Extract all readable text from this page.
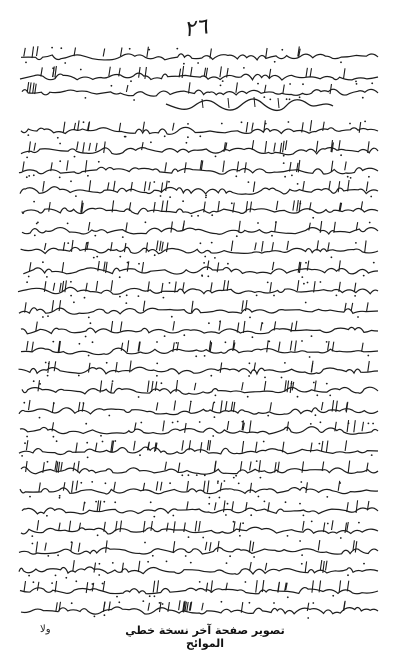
٢٦
ولا	تصوير صفحة آخر نسخة خطي الموائح
